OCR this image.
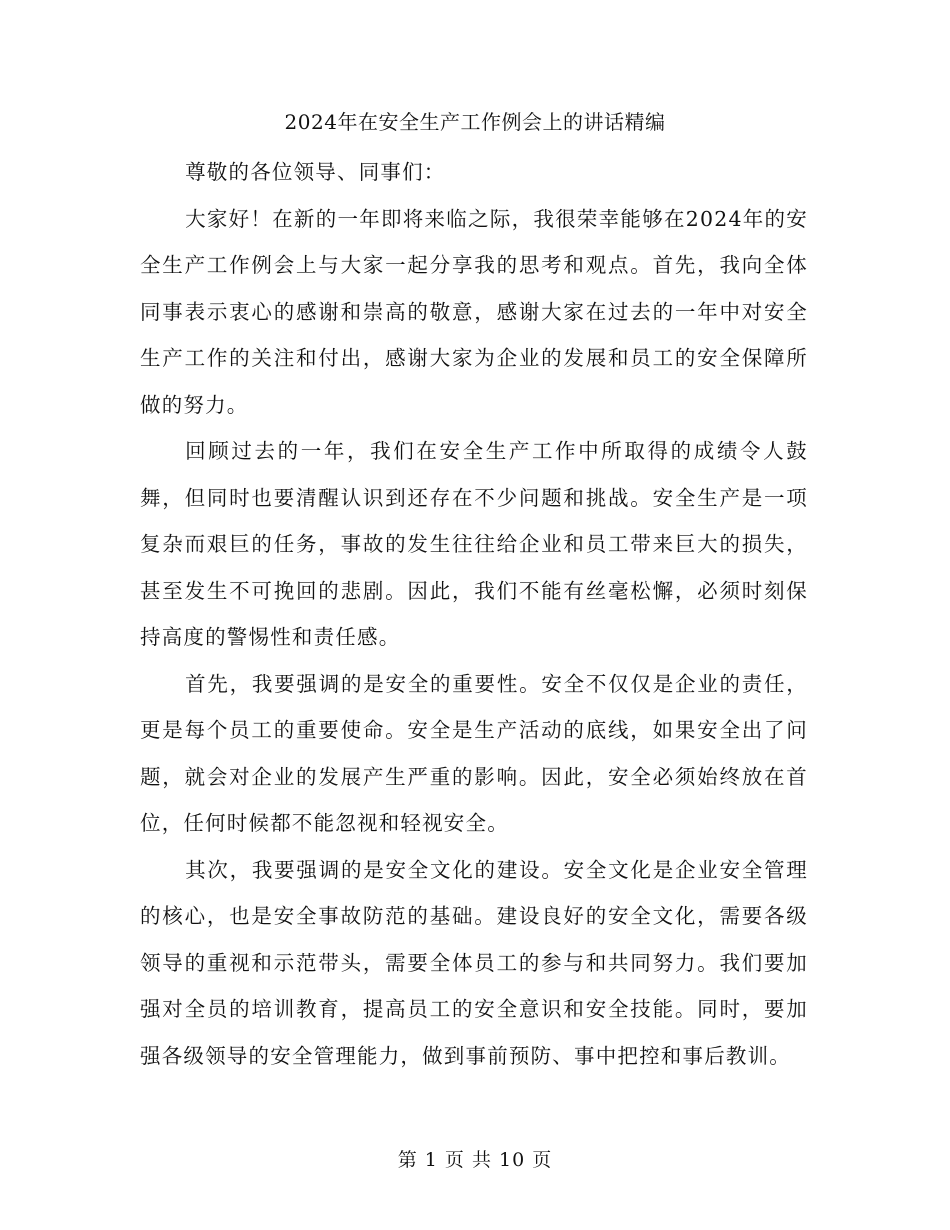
2024年在安全生产工作例会上的讲话精编

尊敬的各位领导、同事们：

大家好！在新的一年即将来临之际，我很荣幸能够在2024年的安全生产工作例会上与大家一起分享我的思考和观点。首先，我向全体同事表示衷心的感谢和崇高的敬意，感谢大家在过去的一年中对安全生产工作的关注和付出，感谢大家为企业的发展和员工的安全保障所做的努力。

回顾过去的一年，我们在安全生产工作中所取得的成绩令人鼓舞，但同时也要清醒认识到还存在不少问题和挑战。安全生产是一项复杂而艰巨的任务，事故的发生往往给企业和员工带来巨大的损失，甚至发生不可挽回的悲剧。因此，我们不能有丝毫松懈，必须时刻保持高度的警惕性和责任感。

首先，我要强调的是安全的重要性。安全不仅仅是企业的责任，更是每个员工的重要使命。安全是生产活动的底线，如果安全出了问题，就会对企业的发展产生严重的影响。因此，安全必须始终放在首位，任何时候都不能忽视和轻视安全。

其次，我要强调的是安全文化的建设。安全文化是企业安全管理的核心，也是安全事故防范的基础。建设良好的安全文化，需要各级领导的重视和示范带头，需要全体员工的参与和共同努力。我们要加强对全员的培训教育，提高员工的安全意识和安全技能。同时，要加强各级领导的安全管理能力，做到事前预防、事中把控和事后教训。

第 1 页 共 10 页
